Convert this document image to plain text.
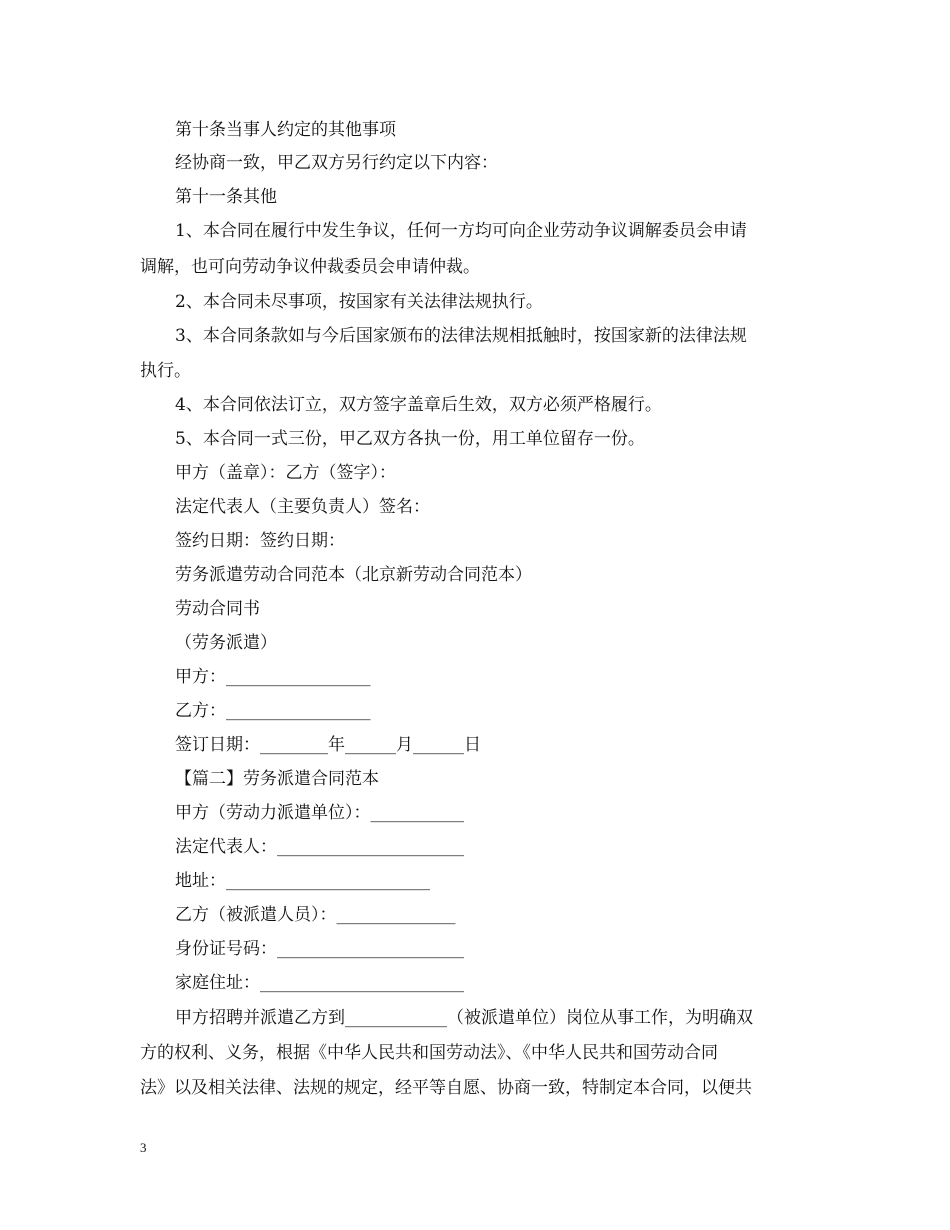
第十条当事人约定的其他事项
经协商一致，甲乙双方另行约定以下内容：
第十一条其他
1、本合同在履行中发生争议，任何一方均可向企业劳动争议调解委员会申请
调解，也可向劳动争议仲裁委员会申请仲裁。
2、本合同未尽事项，按国家有关法律法规执行。
3、本合同条款如与今后国家颁布的法律法规相抵触时，按国家新的法律法规
执行。
4、本合同依法订立，双方签字盖章后生效，双方必须严格履行。
5、本合同一式三份，甲乙双方各执一份，用工单位留存一份。
甲方（盖章）：乙方（签字）：
法定代表人（主要负责人）签名：
签约日期：签约日期：
劳务派遣劳动合同范本（北京新劳动合同范本）
劳动合同书
（劳务派遣）
甲方：_________________
乙方：_________________
签订日期：________年______月______日
【篇二】劳务派遣合同范本
甲方（劳动力派遣单位）：___________
法定代表人：______________________
地址：________________________
乙方（被派遣人员）：______________
身份证号码：______________________
家庭住址：________________________
甲方招聘并派遣乙方到____________（被派遣单位）岗位从事工作，为明确双
方的权利、义务，根据《中华人民共和国劳动法》、《中华人民共和国劳动合同
法》以及相关法律、法规的规定，经平等自愿、协商一致，特制定本合同，以便共
3
